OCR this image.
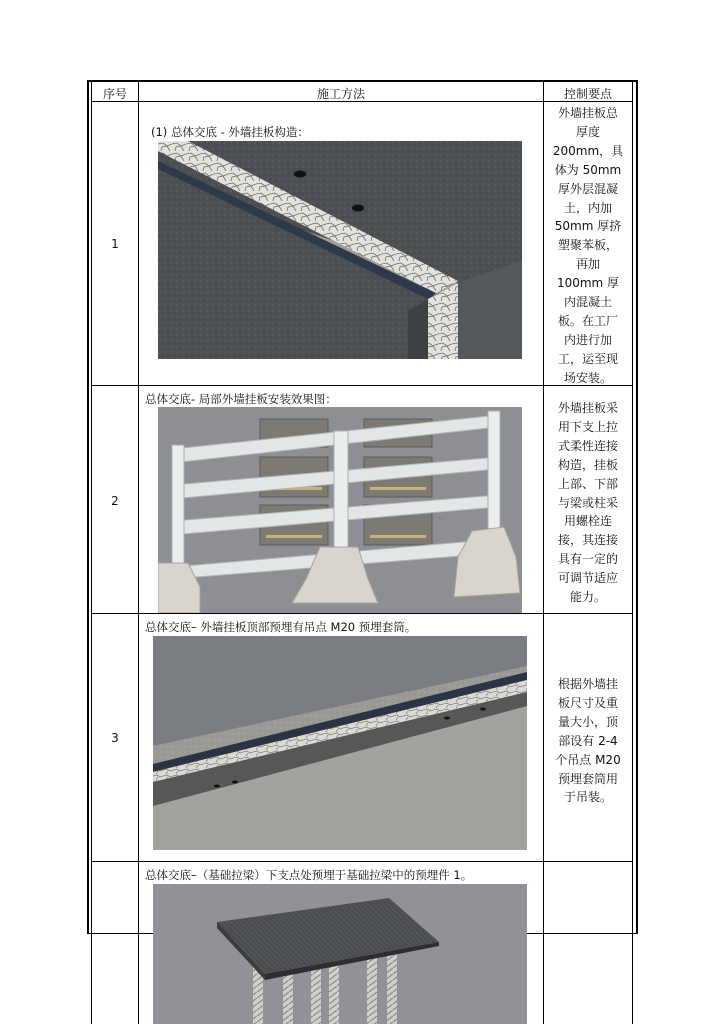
序号	施工方法	控制要点
1
(1) 总体交底 - 外墙挂板构造：
外墙挂板总
厚度
200mm，具
体为 50mm
厚外层混凝
土，内加
50mm 厚挤
塑聚苯板，
再加
100mm 厚
内混凝土
板。在工厂
内进行加
工，运至现
场安装。
2
总体交底- 局部外墙挂板安装效果图：
外墙挂板采
用下支上拉
式柔性连接
构造，挂板
上部、下部
与梁或柱采
用螺栓连
接，其连接
具有一定的
可调节适应
能力。
3
总体交底– 外墙挂板顶部预埋有吊点 M20 预埋套筒。
根据外墙挂
板尺寸及重
量大小，顶
部设有 2-4
个吊点 M20
预埋套筒用
于吊装。
总体交底–（基础拉梁）下支点处预埋于基础拉梁中的预埋件 1。
